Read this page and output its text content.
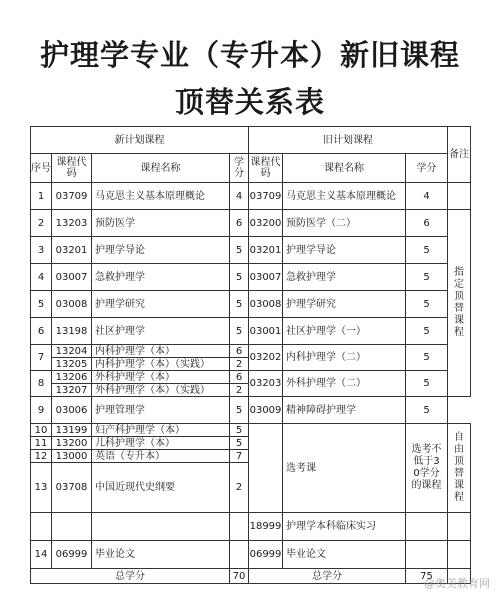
护理学专业（专升本）新旧课程
顶替关系表
新计划课程				旧计划课程			备注
序号	课程代码	课程名称	学分	课程代码	课程名称	学分	
1	03709	马克思主义基本原理概论	4	03709	马克思主义基本原理概论	4	
2	13203	预防医学	6	03200	预防医学（二）	6	指定顶替课程
3	03201	护理学导论	5	03201	护理学导论	5	
4	03007	急救护理学	5	03007	急救护理学	5	
5	03008	护理学研究	5	03008	护理学研究	5	
6	13198	社区护理学	5	03001	社区护理学（一）	5	
7	13204	内科护理学（本）	6	03202	内科护理学（二）	5	
	13205	内科护理学（本）（实践）	2				
8	13206	外科护理学（本）	6	03203	外科护理学（二）	5	
	13207	外科护理学（本）（实践）	2				
9	03006	护理管理学	5	03009	精神障碍护理学	5	
10	13199	妇产科护理学（本）	5		选考课	选考不低于30学分的课程	自由顶替课程
11	13200	儿科护理学（本）	5				
12	13000	英语（专升本）	7				
13	03708	中国近现代史纲要	2				
				18999	护理学本科临床实习		
14	06999	毕业论文		06999	毕业论文		
总学分			70	总学分		75	
@奥美教育网
